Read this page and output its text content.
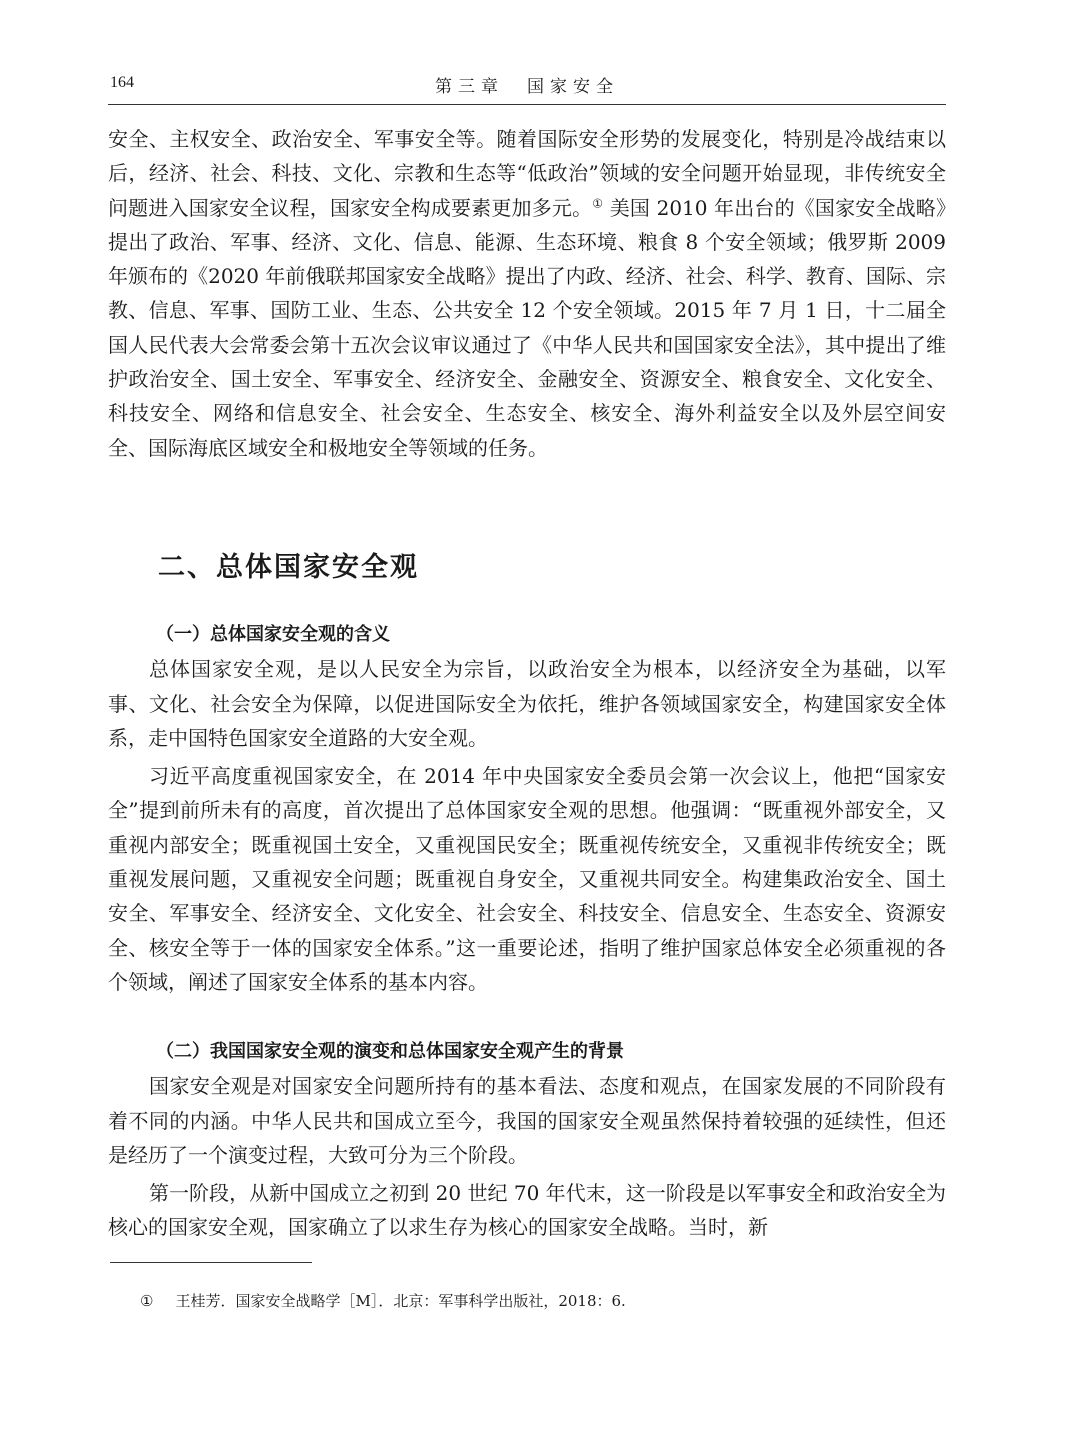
164	第三章　国家安全

安全、主权安全、政治安全、军事安全等。随着国际安全形势的发展变化，特别是冷战结束以后，经济、社会、科技、文化、宗教和生态等“低政治”领域的安全问题开始显现，非传统安全问题进入国家安全议程，国家安全构成要素更加多元。① 美国 2010 年出台的《国家安全战略》提出了政治、军事、经济、文化、信息、能源、生态环境、粮食 8 个安全领域；俄罗斯 2009 年颁布的《2020 年前俄联邦国家安全战略》提出了内政、经济、社会、科学、教育、国际、宗教、信息、军事、国防工业、生态、公共安全 12 个安全领域。2015 年 7 月 1 日，十二届全国人民代表大会常委会第十五次会议审议通过了《中华人民共和国国家安全法》，其中提出了维护政治安全、国土安全、军事安全、经济安全、金融安全、资源安全、粮食安全、文化安全、科技安全、网络和信息安全、社会安全、生态安全、核安全、海外利益安全以及外层空间安全、国际海底区域安全和极地安全等领域的任务。

二、总体国家安全观

（一）总体国家安全观的含义

总体国家安全观，是以人民安全为宗旨，以政治安全为根本，以经济安全为基础，以军事、文化、社会安全为保障，以促进国际安全为依托，维护各领域国家安全，构建国家安全体系，走中国特色国家安全道路的大安全观。

习近平高度重视国家安全，在 2014 年中央国家安全委员会第一次会议上，他把“国家安全”提到前所未有的高度，首次提出了总体国家安全观的思想。他强调：“既重视外部安全，又重视内部安全；既重视国土安全，又重视国民安全；既重视传统安全，又重视非传统安全；既重视发展问题，又重视安全问题；既重视自身安全，又重视共同安全。构建集政治安全、国土安全、军事安全、经济安全、文化安全、社会安全、科技安全、信息安全、生态安全、资源安全、核安全等于一体的国家安全体系。”这一重要论述，指明了维护国家总体安全必须重视的各个领域，阐述了国家安全体系的基本内容。

（二）我国国家安全观的演变和总体国家安全观产生的背景

国家安全观是对国家安全问题所持有的基本看法、态度和观点，在国家发展的不同阶段有着不同的内涵。中华人民共和国成立至今，我国的国家安全观虽然保持着较强的延续性，但还是经历了一个演变过程，大致可分为三个阶段。

第一阶段，从新中国成立之初到 20 世纪 70 年代末，这一阶段是以军事安全和政治安全为核心的国家安全观，国家确立了以求生存为核心的国家安全战略。当时，新

① 王桂芳．国家安全战略学［M］．北京：军事科学出版社，2018：6.
